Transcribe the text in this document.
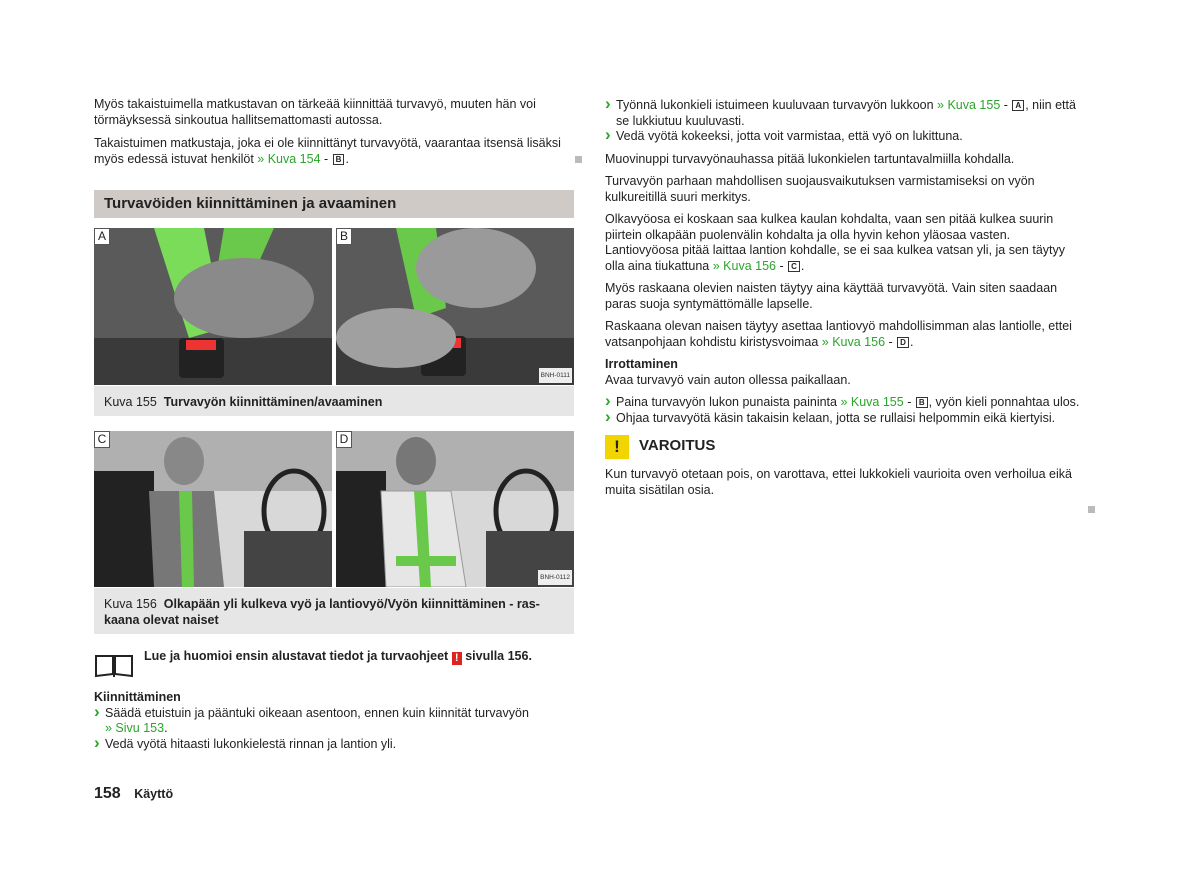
Myös takaistuimella matkustavan on tärkeää kiinnittää turvavyö, muuten hän voi törmäyksessä sinkoutua hallitsemattomasti autossa.

Takaistuimen matkustaja, joka ei ole kiinnittänyt turvavyötä, vaarantaa itsensä lisäksi myös edessä istuvat henkilöt » Kuva 154 - B .

Turvavöiden kiinnittäminen ja avaaminen
A	B
BNH-0111
Kuva 155 Turvavyön kiinnittäminen/avaaminen
C	D
BNH-0112
Kuva 156 Olkapään yli kulkeva vyö ja lantiovyö/Vyön kiinnittäminen - ras-
kaana olevat naiset
Lue ja huomioi ensin alustavat tiedot ja turvaohjeet ! sivulla 156.
Kiinnittäminen
› Säädä etuistuin ja pääntuki oikeaan asentoon, ennen kuin kiinnität turvavyön
» Sivu 153.
› Vedä vyötä hitaasti lukonkielestä rinnan ja lantion yli.
158 Käyttö
› Työnnä lukonkieli istuimeen kuuluvaan turvavyön lukkoon » Kuva 155 - A , niin että se lukkiutuu kuuluvasti.
› Vedä vyötä kokeeksi, jotta voit varmistaa, että vyö on lukittuna.

Muovinuppi turvavyönauhassa pitää lukonkielen tartuntavalmiilla kohdalla.

Turvavyön parhaan mahdollisen suojausvaikutuksen varmistamiseksi on vyön kulkureitillä suuri merkitys.

Olkavyöosa ei koskaan saa kulkea kaulan kohdalta, vaan sen pitää kulkea suurin piirtein olkapään puolenvälin kohdalta ja olla hyvin kehon yläosaa vasten. Lantiovyöosa pitää laittaa lantion kohdalle, se ei saa kulkea vatsan yli, ja sen täytyy olla aina tiukattuna » Kuva 156 - C .

Myös raskaana olevien naisten täytyy aina käyttää turvavyötä. Vain siten saadaan paras suoja syntymättömälle lapselle.

Raskaana olevan naisen täytyy asettaa lantiovyö mahdollisimman alas lantiolle, ettei vatsanpohjaan kohdistu kiristysvoimaa » Kuva 156 - D .

Irrottaminen

Avaa turvavyö vain auton ollessa paikallaan.

› Paina turvavyön lukon punaista painintа » Kuva 155 - B , vyön kieli ponnahtaa ulos.
› Ohjaa turvavyötä käsin takaisin kelaan, jotta se rullaisi helpommin eikä kiertyisi.
!	VAROITUS

Kun turvavyö otetaan pois, on varottava, ettei lukkokieli vaurioita oven verhoilua eikä muita sisätilan osia.
